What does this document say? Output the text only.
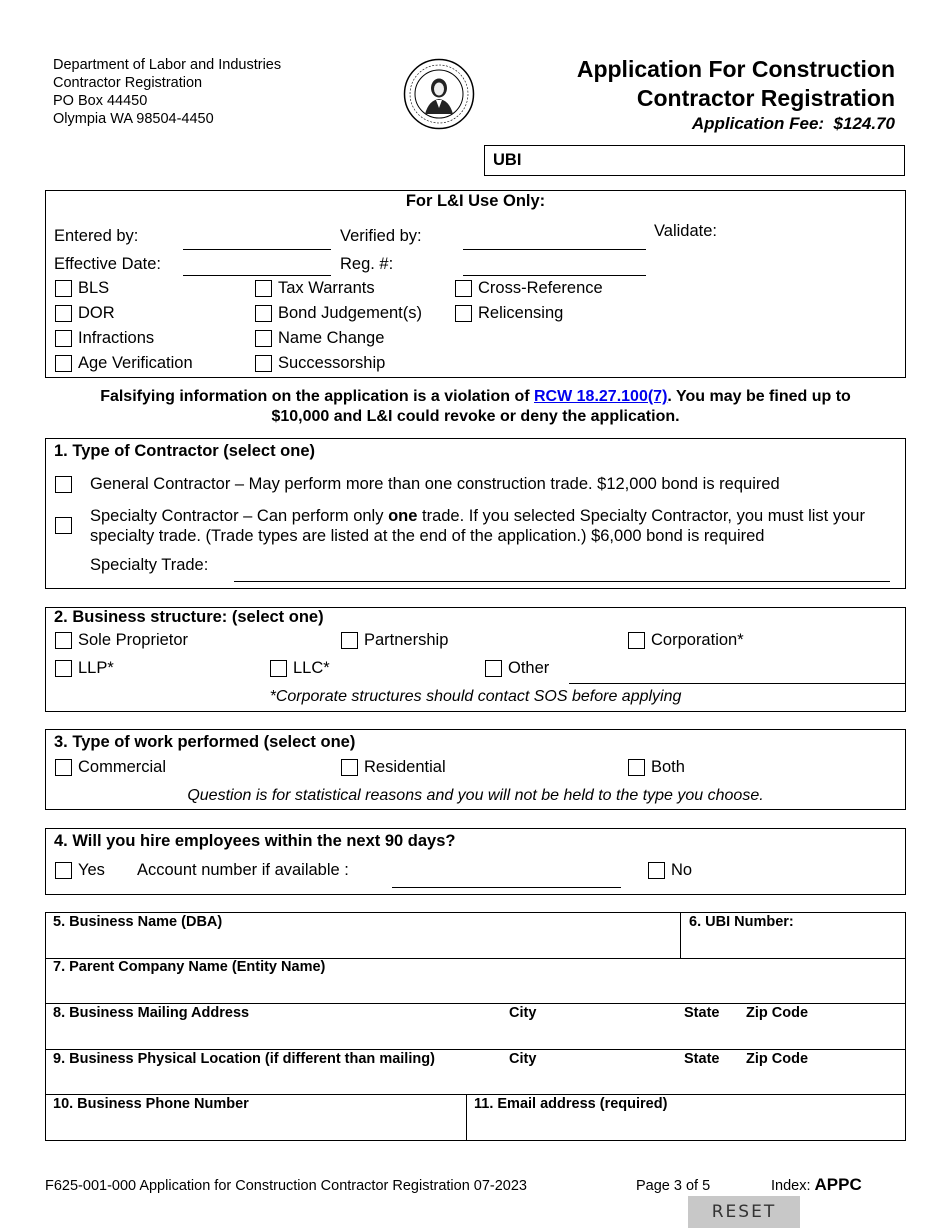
Department of Labor and Industries
Contractor Registration
PO Box 44450
Olympia WA 98504-4450
Application For Construction
Contractor Registration
Application Fee:  $124.70
UBI
For L&I Use Only:
Entered by:	Verified by:	Validate:
Effective Date:	Reg. #:
BLS	Tax Warrants	Cross-Reference
DOR	Bond Judgement(s)	Relicensing
Infractions	Name Change
Age Verification	Successorship
Falsifying information on the application is a violation of RCW 18.27.100(7). You may be fined up to
$10,000 and L&I could revoke or deny the application.
1. Type of Contractor (select one)
General Contractor – May perform more than one construction trade. $12,000 bond is required
Specialty Contractor – Can perform only one trade. If you selected Specialty Contractor, you must list your
specialty trade. (Trade types are listed at the end of the application.) $6,000 bond is required
Specialty Trade:
2. Business structure: (select one)
Sole Proprietor	Partnership	Corporation*
LLP*	LLC*	Other
*Corporate structures should contact SOS before applying
3. Type of work performed (select one)
Commercial	Residential	Both
Question is for statistical reasons and you will not be held to the type you choose.
4. Will you hire employees within the next 90 days?
Yes Account number if available :	No
5. Business Name (DBA)	6. UBI Number:
7. Parent Company Name (Entity Name)
8. Business Mailing Address	City	State Zip Code
9. Business Physical Location (if different than mailing)	City	State Zip Code
10. Business Phone Number	11. Email address (required)
F625-001-000 Application for Construction Contractor Registration 07-2023	Page 3 of 5	Index: APPC
RESET
